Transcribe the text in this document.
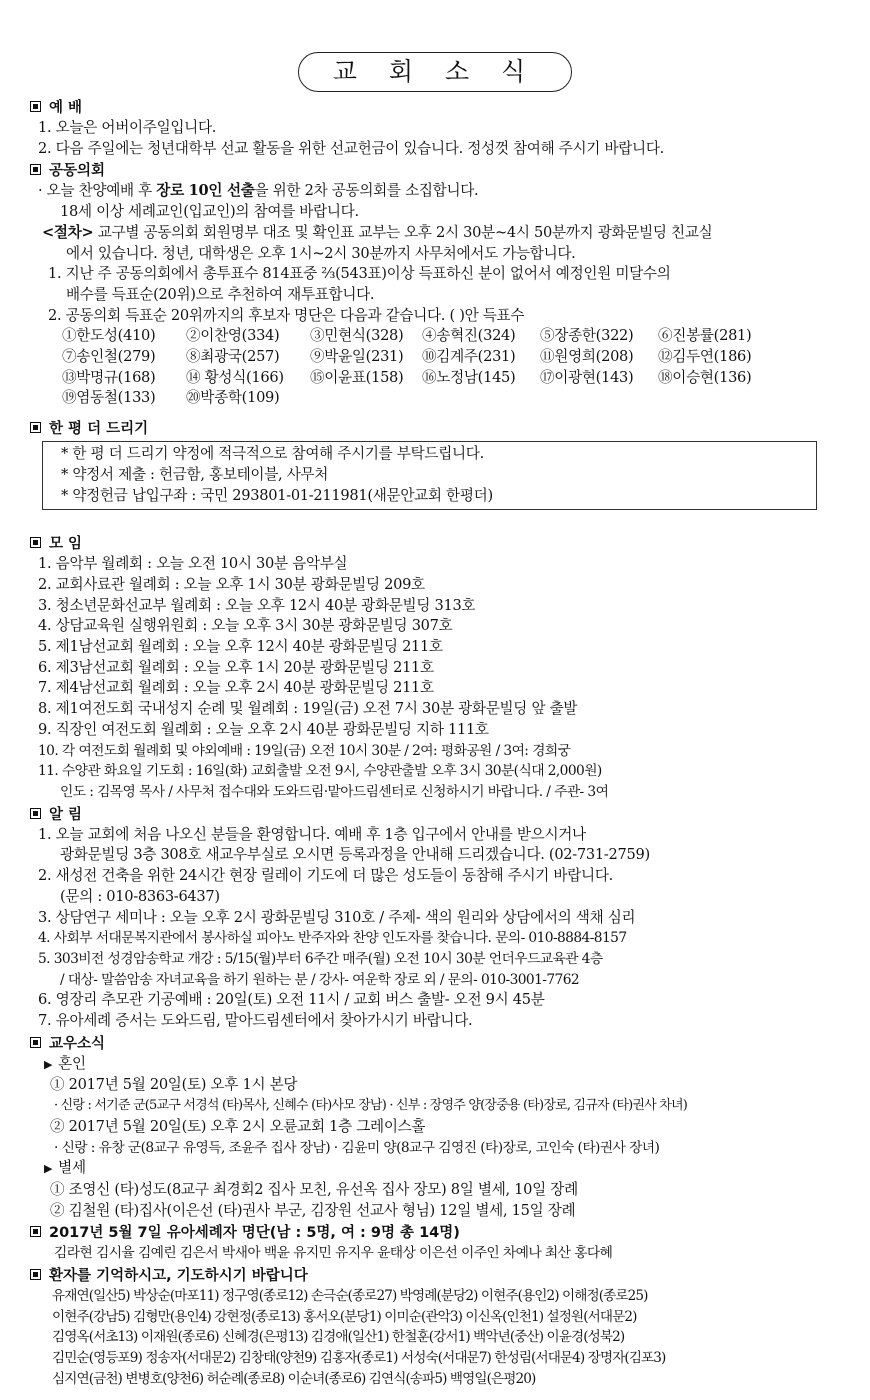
교 회 소 식
예 배
1. 오늘은 어버이주일입니다.
2. 다음 주일에는 청년대학부 선교 활동을 위한 선교헌금이 있습니다. 정성껏 참여해 주시기 바랍니다.
공동의회
· 오늘 찬양예배 후 장로 10인 선출을 위한 2차 공동의회를 소집합니다.
18세 이상 세례교인(입교인)의 참여를 바랍니다.
<절차> 교구별 공동의회 회원명부 대조 및 확인표 교부는 오후 2시 30분~4시 50분까지 광화문빌딩 친교실
에서 있습니다. 청년, 대학생은 오후 1시~2시 30분까지 사무처에서도 가능합니다.
1. 지난 주 공동의회에서 총투표수 814표중 ⅔(543표)이상 득표하신 분이 없어서 예정인원 미달수의
배수를 득표순(20위)으로 추천하여 재투표합니다.
2. 공동의회 득표순 20위까지의 후보자 명단은 다음과 같습니다. ( )안 득표수
①한도성(410) ②이찬영(334) ③민현식(328) ④송혁진(324) ⑤장종한(322) ⑥진봉률(281)
⑦송인철(279) ⑧최광국(257) ⑨박윤일(231) ⑩김계주(231) ⑪원영희(208) ⑫김두연(186)
⑬박명규(168) ⑭ 황성식(166) ⑮이윤표(158) ⑯노정남(145) ⑰이광현(143) ⑱이승현(136)
⑲염동철(133) ⑳박종학(109)
한 평 더 드리기
* 한 평 더 드리기 약정에 적극적으로 참여해 주시기를 부탁드립니다.
* 약정서 제출 : 헌금함, 홍보테이블, 사무처
* 약정헌금 납입구좌 : 국민 293801-01-211981(새문안교회 한평더)
모 임
1. 음악부 월례회 : 오늘 오전 10시 30분 음악부실
2. 교회사료관 월례회 : 오늘 오후 1시 30분 광화문빌딩 209호
3. 청소년문화선교부 월례회 : 오늘 오후 12시 40분 광화문빌딩 313호
4. 상담교육원 실행위원회 : 오늘 오후 3시 30분 광화문빌딩 307호
5. 제1남선교회 월례회 : 오늘 오후 12시 40분 광화문빌딩 211호
6. 제3남선교회 월례회 : 오늘 오후 1시 20분 광화문빌딩 211호
7. 제4남선교회 월례회 : 오늘 오후 2시 40분 광화문빌딩 211호
8. 제1여전도회 국내성지 순례 및 월례회 : 19일(금) 오전 7시 30분 광화문빌딩 앞 출발
9. 직장인 여전도회 월례회 : 오늘 오후 2시 40분 광화문빌딩 지하 111호
10. 각 여전도회 월례회 및 야외예배 : 19일(금) 오전 10시 30분 / 2여: 평화공원 / 3여: 경희궁
11. 수양관 화요일 기도회 : 16일(화) 교회출발 오전 9시, 수양관출발 오후 3시 30분(식대 2,000원)
인도 : 김목영 목사 / 사무처 접수대와 도와드림·맡아드림센터로 신청하시기 바랍니다. / 주관- 3여
알 림
1. 오늘 교회에 처음 나오신 분들을 환영합니다. 예배 후 1층 입구에서 안내를 받으시거나
광화문빌딩 3층 308호 새교우부실로 오시면 등록과정을 안내해 드리겠습니다. (02-731-2759)
2. 새성전 건축을 위한 24시간 현장 릴레이 기도에 더 많은 성도들이 동참해 주시기 바랍니다.
(문의 : 010-8363-6437)
3. 상담연구 세미나 : 오늘 오후 2시 광화문빌딩 310호 / 주제- 색의 원리와 상담에서의 색채 심리
4. 사회부 서대문복지관에서 봉사하실 피아노 반주자와 찬양 인도자를 찾습니다. 문의- 010-8884-8157
5. 303비전 성경암송학교 개강 : 5/15(월)부터 6주간 매주(월) 오전 10시 30분 언더우드교육관 4층
/ 대상- 말씀암송 자녀교육을 하기 원하는 분 / 강사- 여운학 장로 외 / 문의- 010-3001-7762
6. 영장리 추모관 기공예배 : 20일(토) 오전 11시 / 교회 버스 출발- 오전 9시 45분
7. 유아세례 증서는 도와드림, 맡아드림센터에서 찾아가시기 바랍니다.
교우소식
▶ 혼인
① 2017년 5월 20일(토) 오후 1시 본당
· 신랑 : 서기준 군(5교구 서경석 (타)목사, 신혜수 (타)사모 장남) · 신부 : 장영주 양(장중용 (타)장로, 김규자 (타)권사 차녀)
② 2017년 5월 20일(토) 오후 2시 오륜교회 1층 그레이스홀
· 신랑 : 유창 군(8교구 유영득, 조윤주 집사 장남) · 김윤미 양(8교구 김영진 (타)장로, 고인숙 (타)권사 장녀)
▶ 별세
① 조영신 (타)성도(8교구 최경회2 집사 모친, 유선옥 집사 장모) 8일 별세, 10일 장례
② 김철원 (타)집사(이은선 (타)권사 부군, 김장원 선교사 형님) 12일 별세, 15일 장례
2017년 5월 7일 유아세례자 명단(남 : 5명, 여 : 9명 총 14명)
김라현 김시율 김예린 김은서 박새아 백윤 유지민 유지우 윤태상 이은선 이주인 차예나 최산 홍다혜
환자를 기억하시고, 기도하시기 바랍니다
유재연(일산5) 박상순(마포11) 정구영(종로12) 손극순(종로27) 박영례(분당2) 이현주(용인2) 이해정(종로25)
이현주(강남5) 김형만(용인4) 강현정(종로13) 홍서오(분당1) 이미순(관악3) 이신옥(인천1) 설정원(서대문2)
김영옥(서초13) 이재원(종로6) 신혜경(은평13) 김경애(일산1) 한철훈(강서1) 백악년(중산) 이윤경(성북2)
김민순(영등포9) 정송자(서대문2) 김창태(양천9) 김홍자(종로1) 서성숙(서대문7) 한성림(서대문4) 장명자(김포3)
심지연(금천) 변병호(양천6) 허순례(종로8) 이순녀(종로6) 김연식(송파5) 백영일(은평20)
